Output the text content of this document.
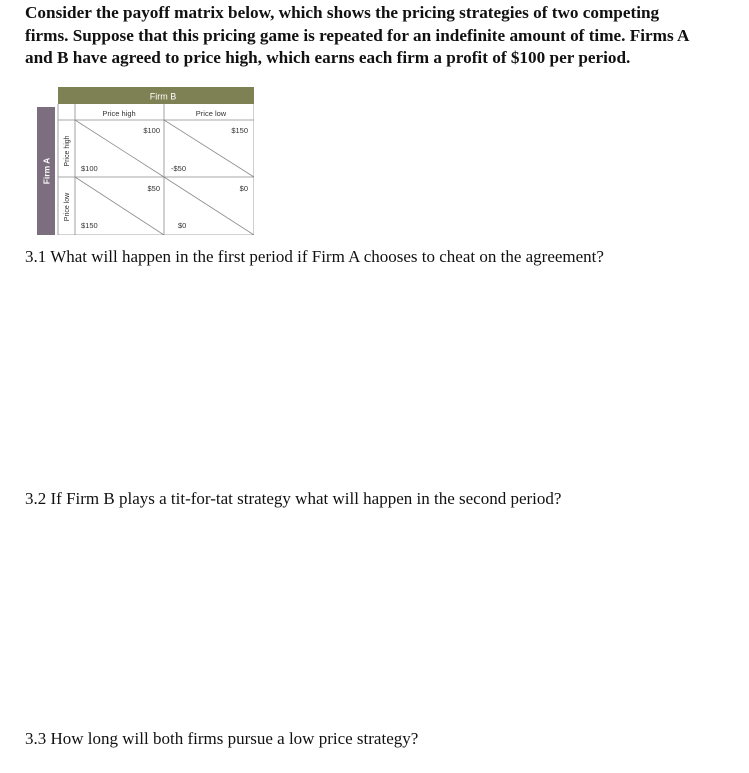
Consider the payoff matrix below, which shows the pricing strategies of two competing
firms. Suppose that this pricing game is repeated for an indefinite amount of time. Firms A
and B have agreed to price high, which earns each firm a profit of $100 per period.
Firm B
Firm A
Price high	Price low
Price high
Price low
$100
$100
$150
-$50
$50
$150
$0
$0

3.1 What will happen in the first period if Firm A chooses to cheat on the agreement?

3.2 If Firm B plays a tit-for-tat strategy what will happen in the second period?

3.3 How long will both firms pursue a low price strategy?
